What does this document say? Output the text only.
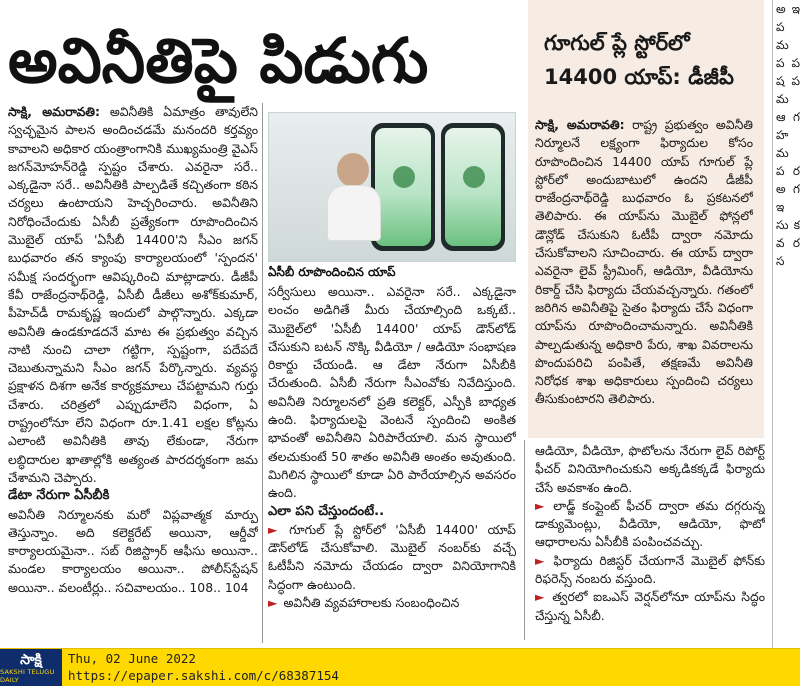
అవినీతిపై పిడుగు

సాక్షి, అమరావతి: అవినీతికి ఏమాత్రం తావులేని స్వచ్ఛమైన పాలన అందించడమే మనందరి కర్తవ్యం కావాలని అధికార యంత్రాంగానికి ముఖ్యమంత్రి వైఎస్ జగన్‌మోహన్‌రెడ్డి స్పష్టం చేశారు. ఎవరైనా సరే.. ఎక్కడైనా సరే.. అవినీతికి పాల్పడితే కచ్చితంగా కఠిన చర్యలు ఉంటాయని హెచ్చరించారు. అవినీతిని నిరోధించేందుకు ఏసీబీ ప్రత్యేకంగా రూపొందించిన మొబైల్ యాప్ 'ఏసీబీ 14400'ని సీఎం జగన్ బుధవారం తన క్యాంపు కార్యాలయంలో 'స్పందన' సమీక్ష సందర్భంగా ఆవిష్కరించి మాట్లాడారు. డీజీపీ కేవీ రాజేంద్రనాథ్‌రెడ్డి, ఏసీబీ డీజీలు అశోక్‌కుమార్, పీహెచ్‌డీ రామకృష్ణ ఇందులో పాల్గొన్నారు. ఎక్కడా అవినీతి ఉండకూడదనే మాట ఈ ప్రభుత్వం వచ్చిన నాటి నుంచి చాలా గట్టిగా, స్పష్టంగా, పదేపదే చెబుతున్నామని సీఎం జగన్ పేర్కొన్నారు. వ్యవస్థ ప్రక్షాళన దిశగా అనేక కార్యక్రమాలు చేపట్టామని గుర్తు చేశారు. చరిత్రలో ఎప్పుడూలేని విధంగా, ఏ రాష్ట్రంలోనూ లేని విధంగా రూ.1.41 లక్షల కోట్లను ఎలాంటి అవినీతికి తావు లేకుండా, నేరుగా లబ్ధిదారుల ఖాతాల్లోకి అత్యంత పారదర్శకంగా జమ చేశామని చెప్పారు.

డేటా నేరుగా ఏసీబీకి

అవినీతి నిర్మూలనకు మరో విప్లవాత్మక మార్పు తెస్తున్నాం. అది కలెక్టరేట్ అయినా, ఆర్డీవో కార్యాలయమైనా.. సబ్ రిజిస్ట్రార్ ఆఫీసు అయినా.. మండల కార్యాలయం అయినా.. పోలీస్‌స్టేషన్ అయినా.. వలంటీర్లు.. సచివాలయం.. 108.. 104

ఏసీబీ రూపొందించిన యాప్

సర్వీసులు అయినా.. ఎవరైనా సరే.. ఎక్కడైనా లంచం అడిగితే మీరు చేయాల్సింది ఒక్కటే.. మొబైల్‌లో 'ఏసీబీ 14400' యాప్ డౌన్‌లోడ్ చేసుకుని బటన్ నొక్కి వీడియో / ఆడియో సంభాషణ రికార్డు చేయండి. ఆ డేటా నేరుగా ఏసీబీకి చేరుతుంది. ఏసీబీ నేరుగా సీఎంవోకు నివేదిస్తుంది. అవినీతి నిర్మూలనలో ప్రతి కలెక్టర్, ఎస్పీకి బాధ్యత ఉంది. ఫిర్యాదులపై వెంటనే స్పందించి అంకిత భావంతో అవినీతిని ఏరిపారేయాలి. మన స్థాయిలో తలచుకుంటే 50 శాతం అవినీతి అంతం అవుతుంది. మిగిలిన స్థాయిలో కూడా ఏరి పారేయాల్సిన అవసరం ఉంది.

ఎలా పని చేస్తుందంటే..

► గూగుల్ ప్లే స్టోర్‌లో 'ఏసీబీ 14400' యాప్ డౌన్‌లోడ్ చేసుకోవాలి. మొబైల్ నంబర్‌కు వచ్చే ఓటీపీని నమోదు చేయడం ద్వారా వినియోగానికి సిద్ధంగా ఉంటుంది.

► అవినీతి వ్యవహారాలకు సంబంధించిన

గూగుల్ ప్లే స్టోర్‌లో
14400 యాప్: డీజీపీ

సాక్షి, అమరావతి: రాష్ట్ర ప్రభుత్వం అవినీతి నిర్మూలనే లక్ష్యంగా ఫిర్యాదుల కోసం రూపొందించిన 14400 యాప్ గూగుల్ ప్లే స్టోర్‌లో అందుబాటులో ఉందని డీజీపీ రాజేంద్రనాథ్‌రెడ్డి బుధవారం ఓ ప్రకటనలో తెలిపారు. ఈ యాప్‌ను మొబైల్ ఫోన్లలో డౌన్లోడ్ చేసుకుని ఓటీపీ ద్వారా నమోదు చేసుకోవాలని సూచించారు. ఈ యాప్ ద్వారా ఎవరైనా లైవ్ స్ట్రీమింగ్, ఆడియో, వీడియోను రికార్డ్ చేసి ఫిర్యాదు చేయవచ్చన్నారు. గతంలో జరిగిన అవినీతిపై సైతం ఫిర్యాదు చేసే విధంగా యాప్‌ను రూపొందించామన్నారు. అవినీతికి పాల్పడుతున్న అధికారి పేరు, శాఖ వివరాలను పొందుపరిచి పంపితే, తక్షణమే అవినీతి నిరోధక శాఖ అధికారులు స్పందించి చర్యలు తీసుకుంటారని తెలిపారు.

ఆడియో, వీడియో, ఫొటోలను నేరుగా లైవ్ రిపోర్ట్ ఫీచర్ వినియోగించుకుని అక్కడికక్కడే ఫిర్యాదు చేసే అవకాశం ఉంది.

► లాడ్జ్ కంప్లైంట్ ఫీచర్ ద్వారా తమ దగ్గరున్న డాక్యుమెంట్లు, వీడియో, ఆడియో, ఫొటో ఆధారాలను ఏసీబీకి పంపించవచ్చు.

► ఫిర్యాదు రిజిస్టర్ చేయగానే మొబైల్ ఫోన్‌కు రిఫరెన్స్ నంబరు వస్తుంది.

► త్వరలో ఐఒఎస్ వెర్షన్‌లోనూ యాప్‌ను సిద్ధం చేస్తున్న ఏసీబీ.

అ ఇ ప మ ప ప ష ప మ ఆ గ హ మ ప ర అ గ ఇ సు క వ ర స
సాక్షి
SAKSHI TELUGU DAILY
Thu, 02 June 2022
https://epaper.sakshi.com/c/68387154
